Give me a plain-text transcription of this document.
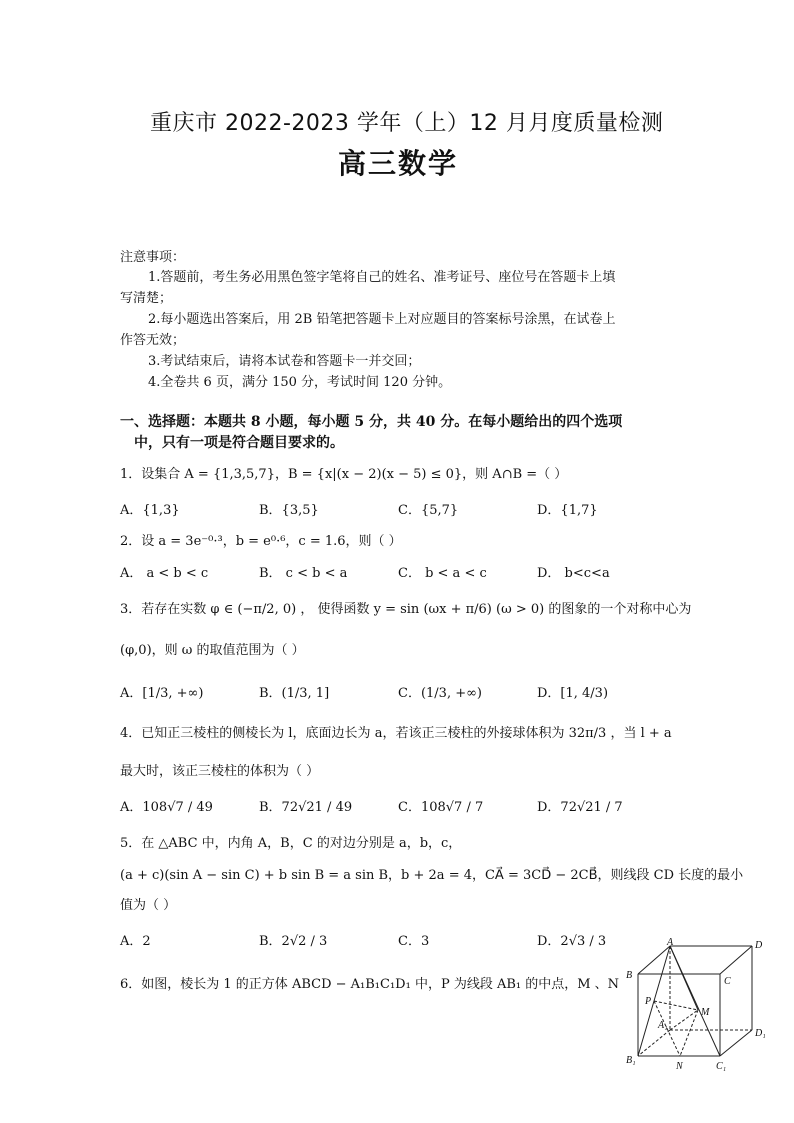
重庆市 2022-2023 学年（上）12 月月度质量检测
高三数学
注意事项：
1.答题前，考生务必用黑色签字笔将自己的姓名、准考证号、座位号在答题卡上填
写清楚；
2.每小题选出答案后，用 2B 铅笔把答题卡上对应题目的答案标号涂黑，在试卷上
作答无效；
3.考试结束后，请将本试卷和答题卡一并交回；
4.全卷共 6 页，满分 150 分，考试时间 120 分钟。
一、选择题：本题共 8 小题，每小题 5 分，共 40 分。在每小题给出的四个选项
中，只有一项是符合题目要求的。
1．设集合 A = {1,3,5,7}，B = {x|(x − 2)(x − 5) ≤ 0}，则 A∩B =（ ）
A．{1,3}	B．{3,5}	C．{5,7}	D．{1,7}
2．设 a = 3e⁻⁰·³，b = e⁰·⁶，c = 1.6，则（ ）
A． a < b < c	B． c < b < a	C． b < a < c	D． b<c<a
3．若存在实数 φ ∈ (−π/2, 0) ， 使得函数 y = sin (ωx + π/6) (ω > 0) 的图象的一个对称中心为
(φ,0)，则 ω 的取值范围为（ ）
A．[1/3, +∞)	B．(1/3, 1]	C．(1/3, +∞)	D．[1, 4/3)
4．已知正三棱柱的侧棱长为 l，底面边长为 a，若该正三棱柱的外接球体积为 32π/3 ，当 l + a
最大时，该正三棱柱的体积为（ ）
A．108√7 / 49	B．72√21 / 49	C．108√7 / 7	D．72√21 / 7
5．在 △ABC 中，内角 A，B，C 的对边分别是 a，b，c，
(a + c)(sin A − sin C) + b sin B = a sin B，b + 2a = 4，CA⃗ = 3CD⃗ − 2CB⃗，则线段 CD 长度的最小
值为（ ）
A．2	B．2√2 / 3	C．3	D．2√3 / 3
6．如图，棱长为 1 的正方体 ABCD − A₁B₁C₁D₁ 中，P 为线段 AB₁ 的中点，M 、N
A	D
B
C
P
M
A₁
D₁
B₁
N	C₁
